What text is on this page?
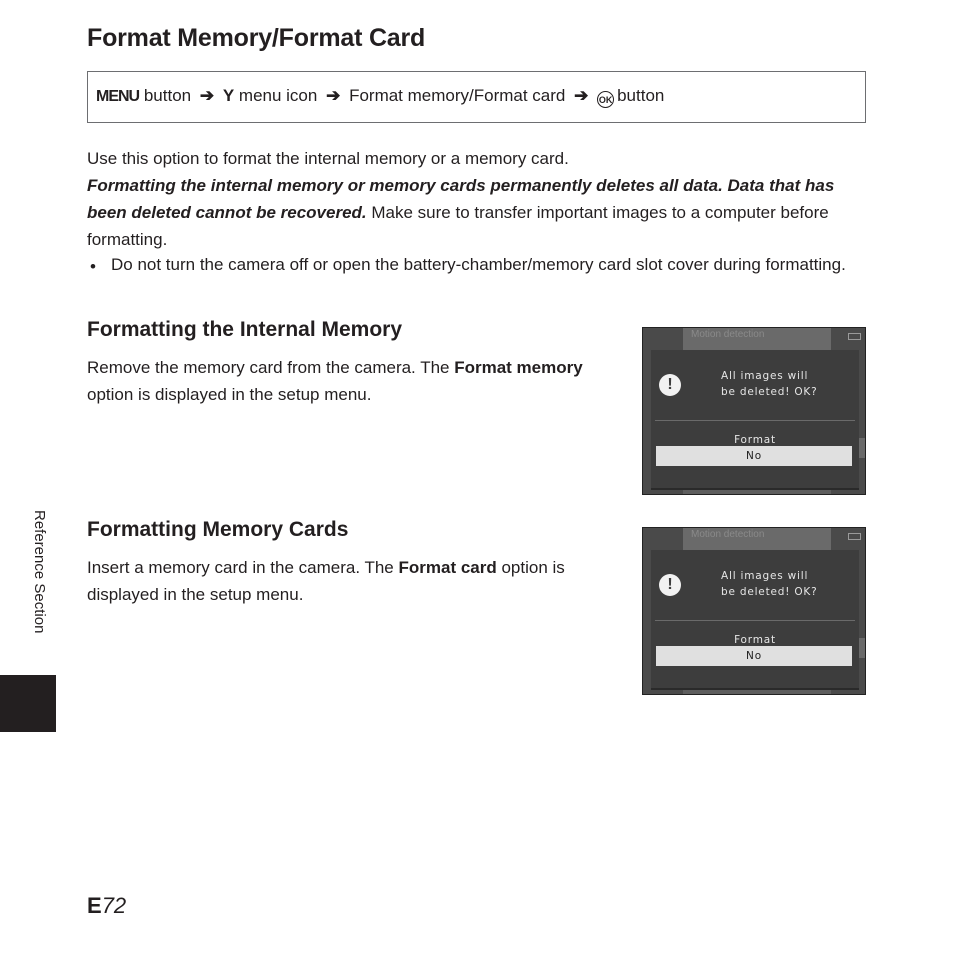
Format Memory/Format Card
MENU button ➔ Y menu icon ➔ Format memory/Format card ➔ OK button
Use this option to format the internal memory or a memory card.
Formatting the internal memory or memory cards permanently deletes all data. Data that has been deleted cannot be recovered. Make sure to transfer important images to a computer before formatting.
• Do not turn the camera off or open the battery-chamber/memory card slot cover during formatting.
Formatting the Internal Memory
Remove the memory card from the camera. The Format memory option is displayed in the setup menu.
Formatting Memory Cards
Insert a memory card in the camera. The Format card option is displayed in the setup menu.
Motion detection
!	All images will
be deleted! OK?
Format
No
Motion detection
!	All images will
be deleted! OK?
Format
No
Reference Section
E72
